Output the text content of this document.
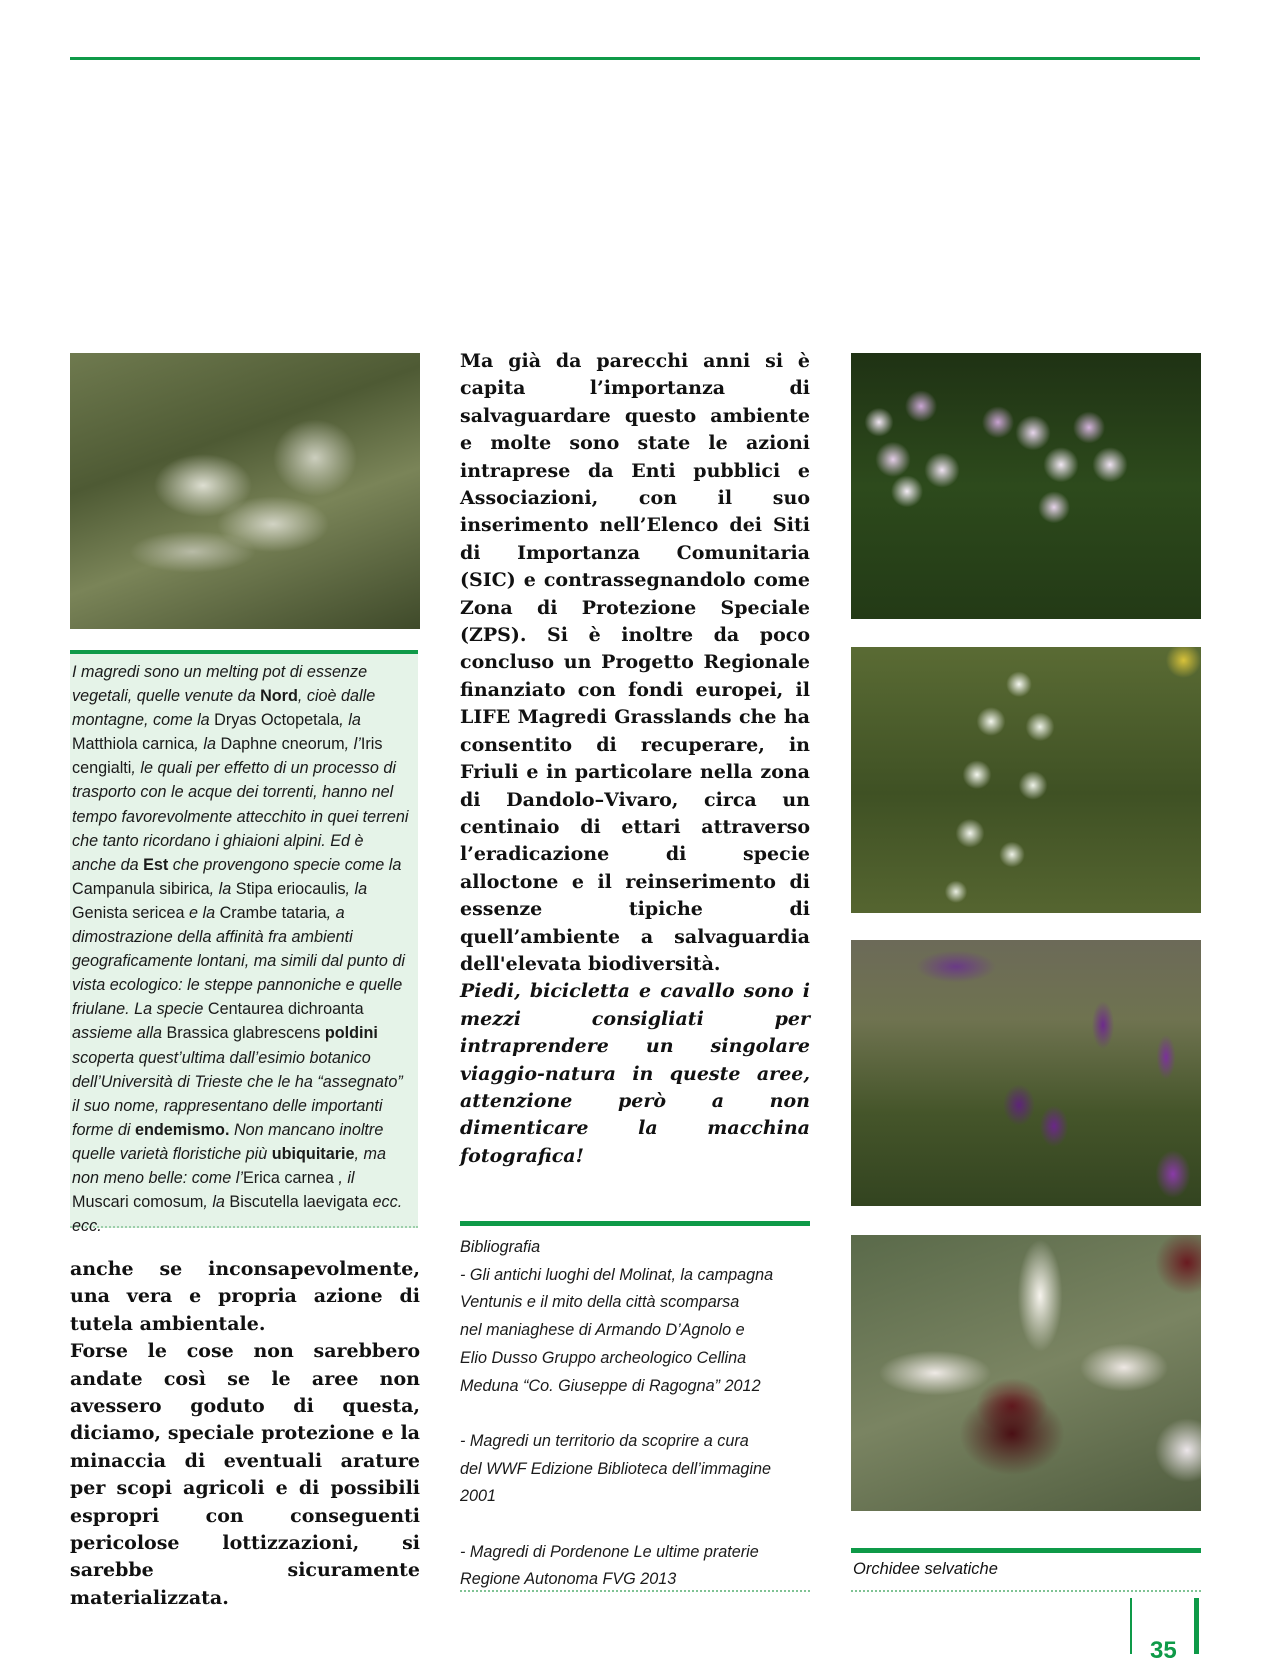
I magredi sono un melting pot di essenze vegetali, quelle venute da Nord, cioè dalle montagne, come la Dryas Octopetala, la Matthiola carnica, la Daphne cneorum, l’Iris cengialti, le quali per effetto di un processo di trasporto con le acque dei torrenti, hanno nel tempo favorevolmente attecchito in quei terreni che tanto ricordano i ghiaioni alpini. Ed è anche da Est che provengono specie come la Campanula sibirica, la Stipa eriocaulis, la Genista sericea e la Crambe tataria, a dimostrazione della affinità fra ambienti geograficamente lontani, ma simili dal punto di vista ecologico: le steppe pannoniche e quelle friulane. La specie Centaurea dichroanta assieme alla Brassica glabrescens poldini scoperta quest’ultima dall’esimio botanico dell’Università di Trieste che le ha “assegnato” il suo nome, rappresentano delle importanti forme di endemismo. Non mancano inoltre quelle varietà floristiche più ubiquitarie, ma non meno belle: come l’Erica carnea , il Muscari comosum, la Biscutella laevigata ecc. ecc.

anche se inconsapevolmente, una vera e propria azione di tutela ambientale.

Forse le cose non sarebbero andate così se le aree non avessero goduto di questa, diciamo, speciale protezione e la minaccia di eventuali arature per scopi agricoli e di possibili espropri con conseguenti pericolose lottizzazioni, si sarebbe sicuramente materializzata.

Ma già da parecchi anni si è capita l’importanza di salvaguardare questo ambiente e molte sono state le azioni intraprese da Enti pubblici e Associazioni, con il suo inserimento nell’Elenco dei Siti di Importanza Comunitaria (SIC) e contrassegnandolo come Zona di Protezione Speciale (ZPS). Si è inoltre da poco concluso un Progetto Regionale finanziato con fondi europei, il LIFE Magredi Grasslands che ha consentito di recuperare, in Friuli e in particolare nella zona di Dandolo–Vivaro, circa un centinaio di ettari attraverso l’eradicazione di specie alloctone e il reinserimento di essenze tipiche di quell’ambiente a salvaguardia dell'elevata biodiversità.

Piedi, bicicletta e cavallo sono i mezzi consigliati per intraprendere un singolare viaggio-natura in queste aree, attenzione però a non dimenticare la macchina fotografica!

Bibliografia
- Gli antichi luoghi del Molinat, la campagna
Ventunis e il mito della città scomparsa
nel maniaghese di Armando D’Agnolo e
Elio Dusso Gruppo archeologico Cellina
Meduna “Co. Giuseppe di Ragogna” 2012

- Magredi un territorio da scoprire a cura
del WWF Edizione Biblioteca dell’immagine
2001

- Magredi di Pordenone Le ultime praterie
Regione Autonoma FVG 2013
Orchidee selvatiche
35
